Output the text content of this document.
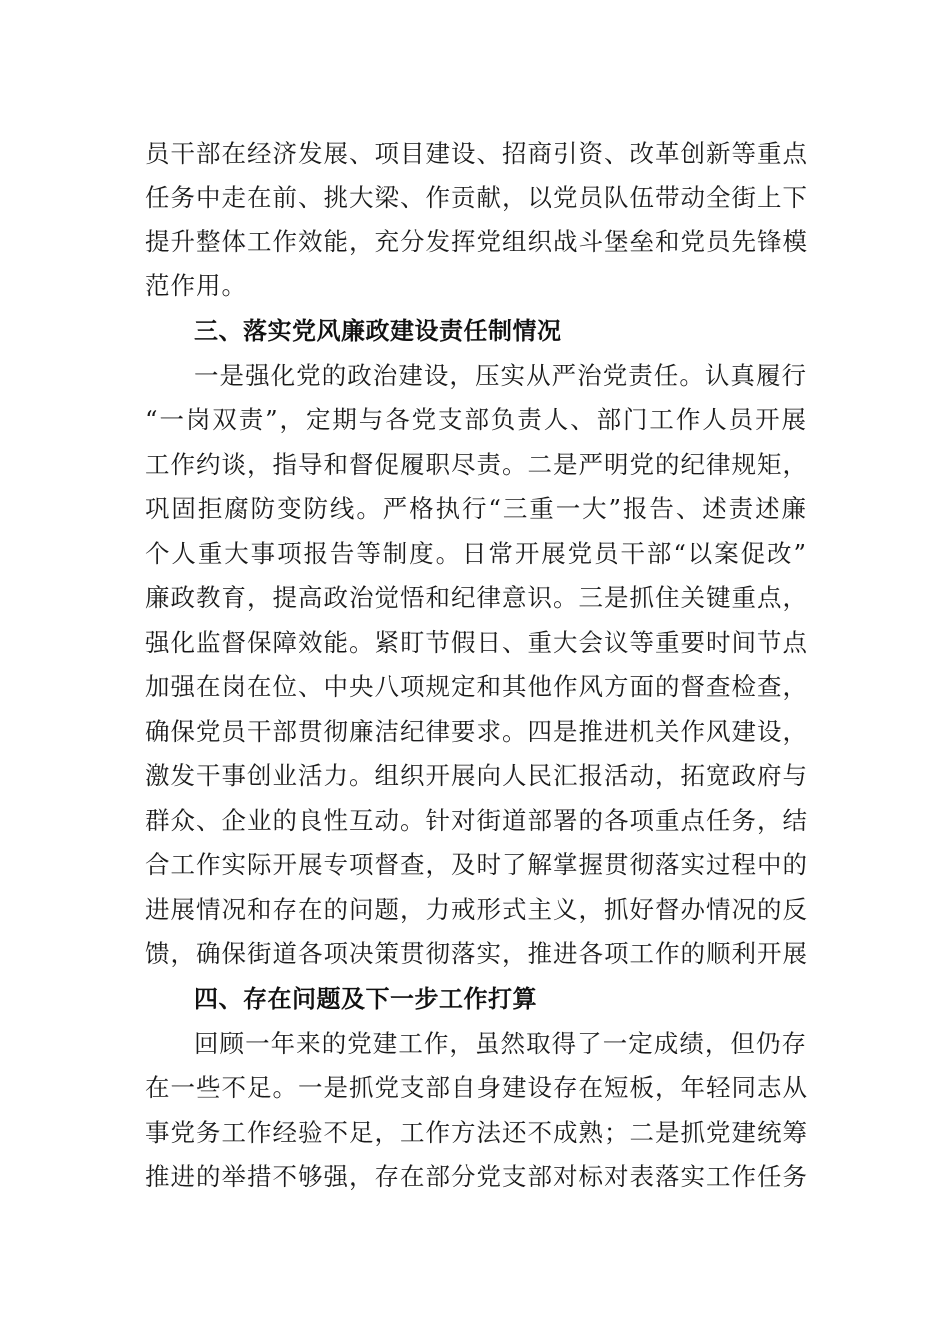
员干部在经济发展、项目建设、招商引资、改革创新等重点
任务中走在前、挑大梁、作贡献，以党员队伍带动全街上下
提升整体工作效能，充分发挥党组织战斗堡垒和党员先锋模
范作用。
三、落实党风廉政建设责任制情况
一是强化党的政治建设，压实从严治党责任。认真履行
“一岗双责”，定期与各党支部负责人、部门工作人员开展
工作约谈，指导和督促履职尽责。二是严明党的纪律规矩，
巩固拒腐防变防线。严格执行“三重一大”报告、述责述廉
个人重大事项报告等制度。日常开展党员干部“以案促改”
廉政教育，提高政治觉悟和纪律意识。三是抓住关键重点，
强化监督保障效能。紧盯节假日、重大会议等重要时间节点
加强在岗在位、中央八项规定和其他作风方面的督查检查，
确保党员干部贯彻廉洁纪律要求。四是推进机关作风建设，
激发干事创业活力。组织开展向人民汇报活动，拓宽政府与
群众、企业的良性互动。针对街道部署的各项重点任务，结
合工作实际开展专项督查，及时了解掌握贯彻落实过程中的
进展情况和存在的问题，力戒形式主义，抓好督办情况的反
馈，确保街道各项决策贯彻落实，推进各项工作的顺利开展
四、存在问题及下一步工作打算
回顾一年来的党建工作，虽然取得了一定成绩，但仍存
在一些不足。一是抓党支部自身建设存在短板，年轻同志从
事党务工作经验不足，工作方法还不成熟；二是抓党建统筹
推进的举措不够强，存在部分党支部对标对表落实工作任务
